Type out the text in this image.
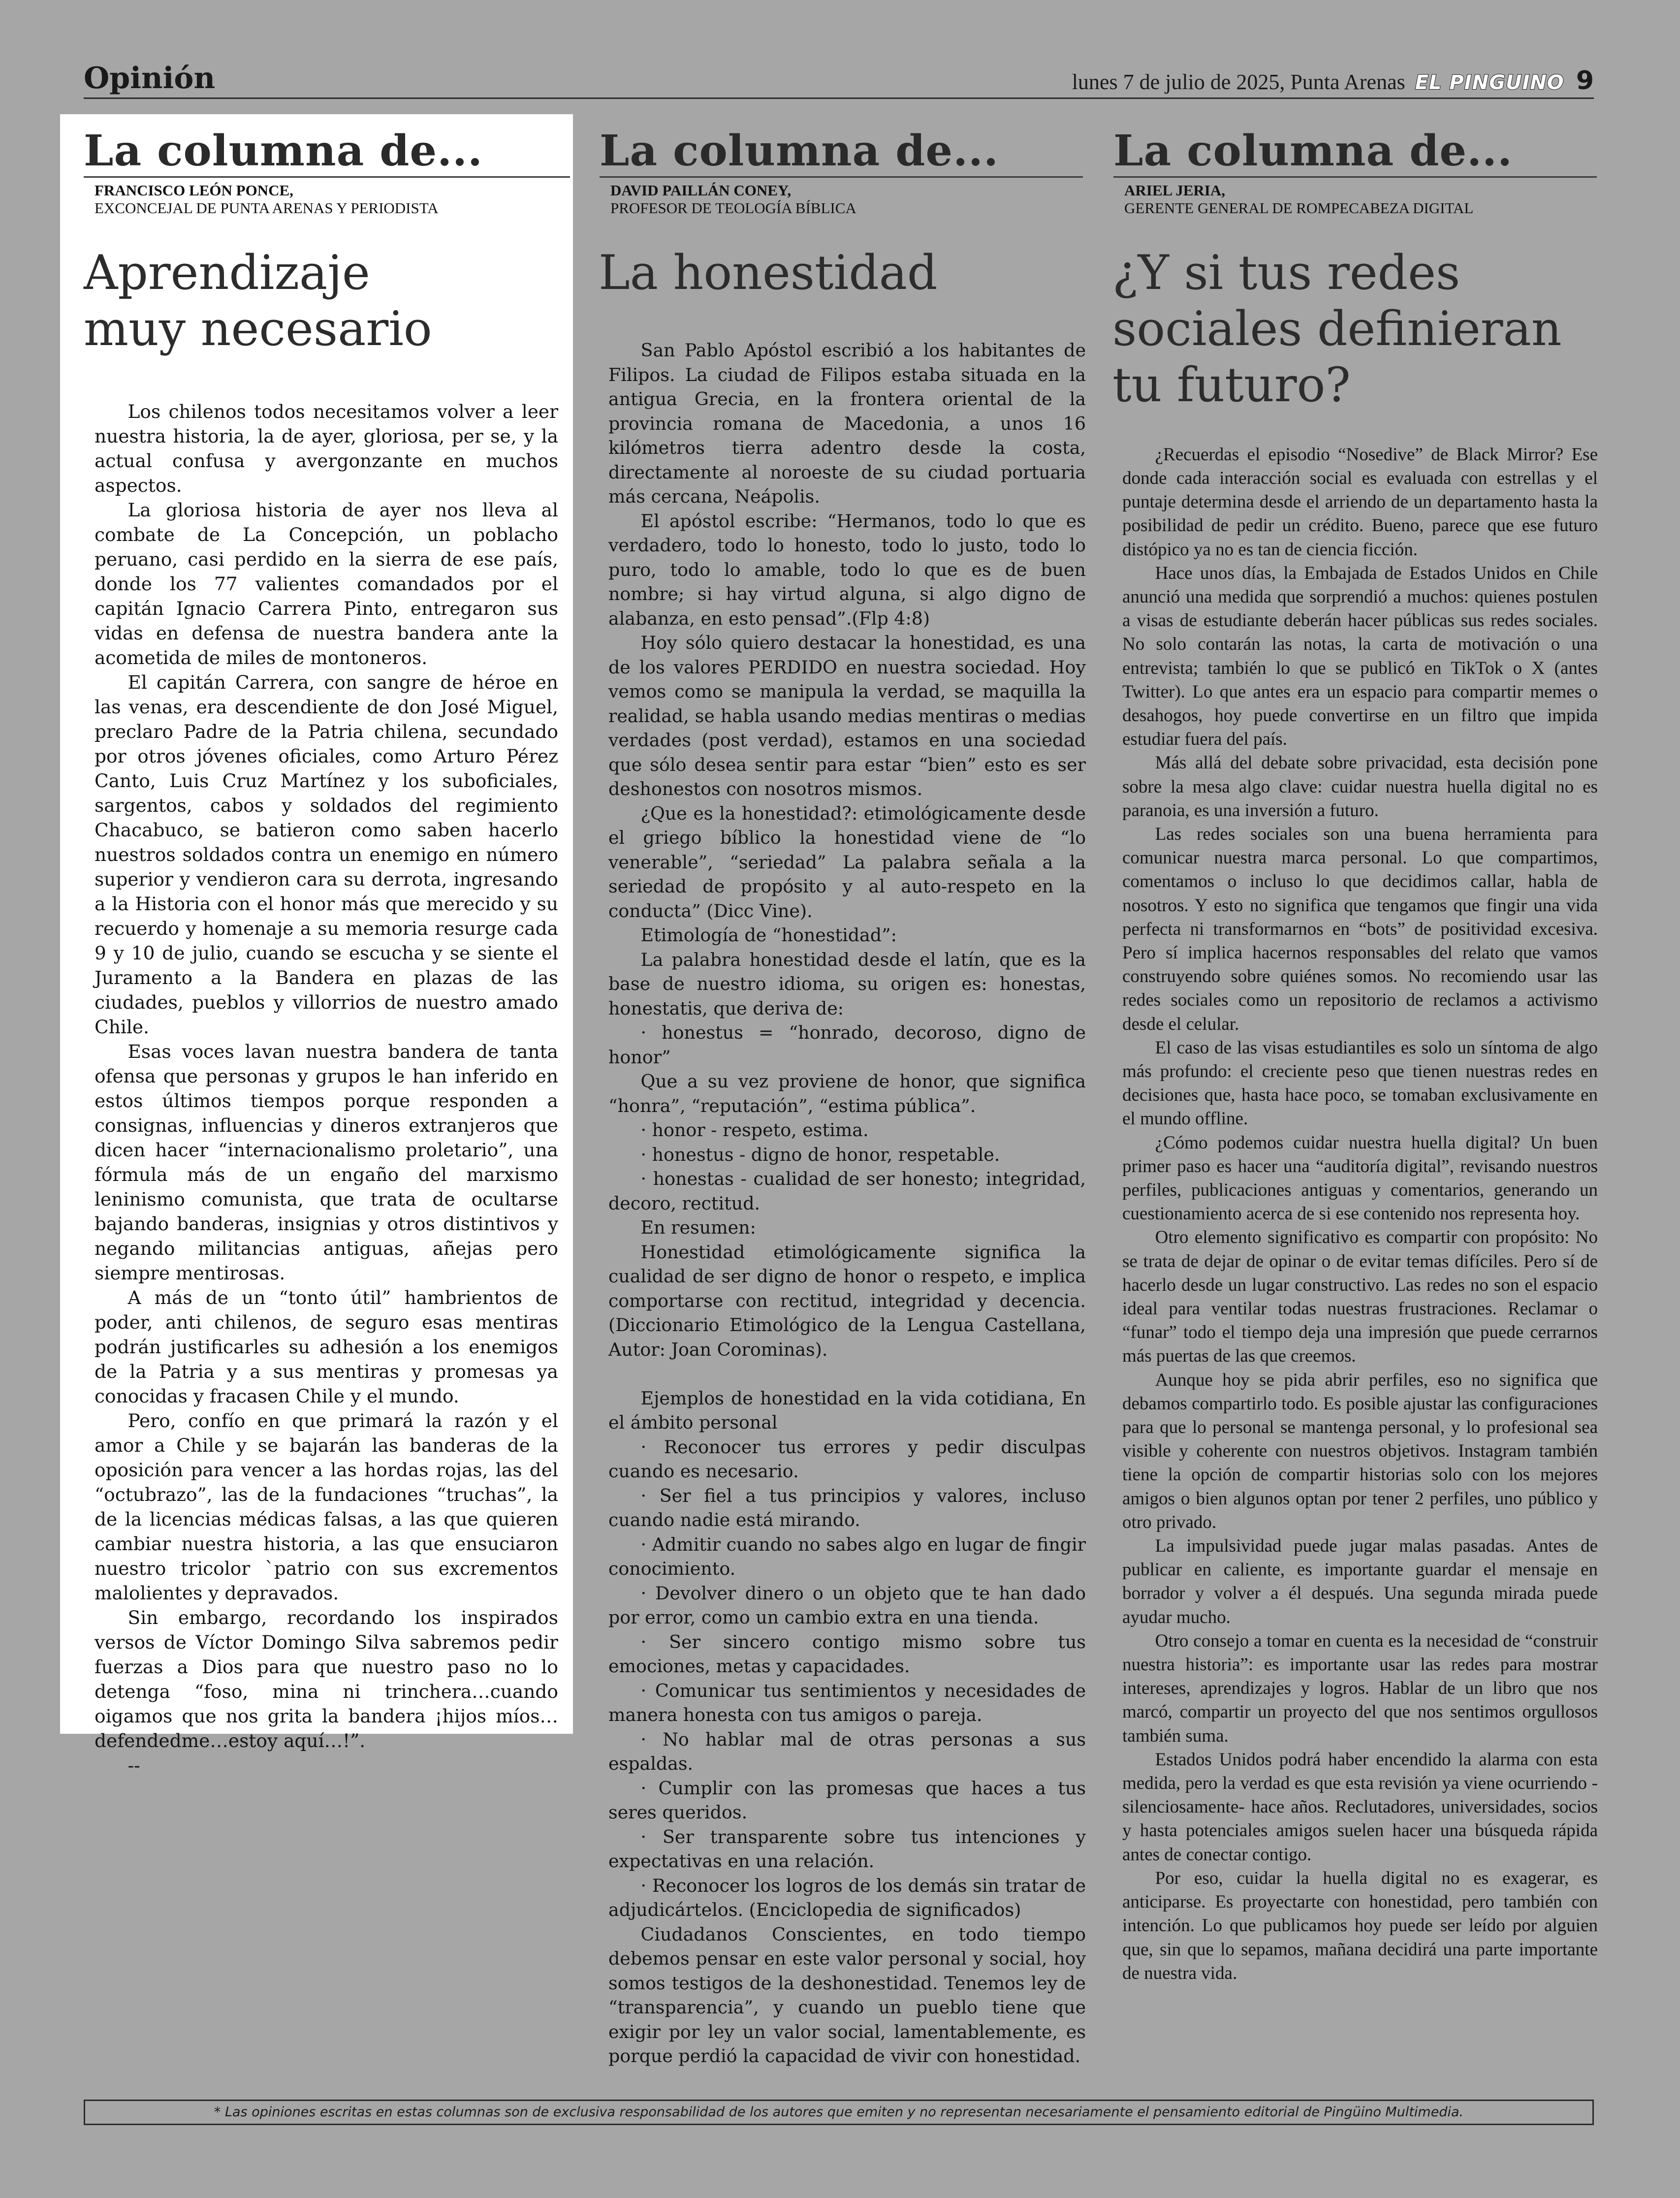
Opinión	lunes 7 de julio de 2025, Punta Arenas EL PINGUINO 9
La columna de...
FRANCISCO LEÓN PONCE,
EXCONCEJAL DE PUNTA ARENAS Y PERIODISTA
Aprendizaje
muy necesario

Los chilenos todos necesitamos volver a leer nuestra historia, la de ayer, gloriosa, per se, y la actual confusa y avergonzante en muchos aspectos.

La gloriosa historia de ayer nos lleva al combate de La Concepción, un poblacho peruano, casi perdido en la sierra de ese país, donde los 77 valientes comandados por el capitán Ignacio Carrera Pinto, entregaron sus vidas en defensa de nuestra bandera ante la acometida de miles de montoneros.

El capitán Carrera, con sangre de héroe en las venas, era descendiente de don José Miguel, preclaro Padre de la Patria chilena, secundado por otros jóvenes oficiales, como Arturo Pérez Canto, Luis Cruz Martínez y los suboficiales, sargentos, cabos y soldados del regimiento Chacabuco, se batieron como saben hacerlo nuestros soldados contra un enemigo en número superior y vendieron cara su derrota, ingresando a la Historia con el honor más que merecido y su recuerdo y homenaje a su memoria resurge cada 9 y 10 de julio, cuando se escucha y se siente el Juramento a la Bandera en plazas de las ciudades, pueblos y villorrios de nuestro amado Chile.

Esas voces lavan nuestra bandera de tanta ofensa que personas y grupos le han inferido en estos últimos tiempos porque responden a consignas, influencias y dineros extranjeros que dicen hacer “internacionalismo proletario”, una fórmula más de un engaño del marxismo leninismo comunista, que trata de ocultarse bajando banderas, insignias y otros distintivos y negando militancias antiguas, añejas pero siempre mentirosas.

A más de un “tonto útil” hambrientos de poder, anti chilenos, de seguro esas mentiras podrán justificarles su adhesión a los enemigos de la Patria y a sus mentiras y promesas ya conocidas y fracasen Chile y el mundo.

Pero, confío en que primará la razón y el amor a Chile y se bajarán las banderas de la oposición para vencer a las hordas rojas, las del “octubrazo”, las de la fundaciones “truchas”, la de la licencias médicas falsas, a las que quieren cambiar nuestra historia, a las que ensuciaron nuestro tricolor `patrio con sus excrementos malolientes y depravados.

Sin embargo, recordando los inspirados versos de Víctor Domingo Silva sabremos pedir fuerzas a Dios para que nuestro paso no lo detenga “foso, mina ni trinchera…cuando oigamos que nos grita la bandera ¡hijos míos…defendedme…estoy aquí…!”.

--

La columna de...
DAVID PAILLÁN CONEY,
PROFESOR DE TEOLOGÍA BÍBLICA
La honestidad

San Pablo Apóstol escribió a los habitantes de Filipos. La ciudad de Filipos estaba situada en la antigua Grecia, en la frontera oriental de la provincia romana de Macedonia, a unos 16 kilómetros tierra adentro desde la costa, directamente al noroeste de su ciudad portuaria más cercana, Neápolis.

El apóstol escribe: “Hermanos, todo lo que es verdadero, todo lo honesto, todo lo justo, todo lo puro, todo lo amable, todo lo que es de buen nombre; si hay virtud alguna, si algo digno de alabanza, en esto pensad”.(Flp 4:8)

Hoy sólo quiero destacar la honestidad, es una de los valores PERDIDO en nuestra sociedad. Hoy vemos como se manipula la verdad, se maquilla la realidad, se habla usando medias mentiras o medias verdades (post verdad), estamos en una sociedad que sólo desea sentir para estar “bien” esto es ser deshonestos con nosotros mismos.

¿Que es la honestidad?: etimológicamente desde el griego bíblico la honestidad viene de “lo venerable”, “seriedad” La palabra señala a la seriedad de propósito y al auto-respeto en la conducta” (Dicc Vine).

Etimología de “honestidad”:

La palabra honestidad desde el latín, que es la base de nuestro idioma, su origen es: honestas, honestatis, que deriva de:

· honestus = “honrado, decoroso, digno de honor”

Que a su vez proviene de honor, que significa “honra”, “reputación”, “estima pública”.

· honor - respeto, estima.

· honestus - digno de honor, respetable.

· honestas - cualidad de ser honesto; integridad, decoro, rectitud.

En resumen:

Honestidad etimológicamente significa la cualidad de ser digno de honor o respeto, e implica comportarse con rectitud, integridad y decencia. (Diccionario Etimológico de la Lengua Castellana, Autor: Joan Corominas).

Ejemplos de honestidad en la vida cotidiana, En el ámbito personal

· Reconocer tus errores y pedir disculpas cuando es necesario.

· Ser fiel a tus principios y valores, incluso cuando nadie está mirando.

· Admitir cuando no sabes algo en lugar de fingir conocimiento.

· Devolver dinero o un objeto que te han dado por error, como un cambio extra en una tienda.

· Ser sincero contigo mismo sobre tus emociones, metas y capacidades.

· Comunicar tus sentimientos y necesidades de manera honesta con tus amigos o pareja.

· No hablar mal de otras personas a sus espaldas.

· Cumplir con las promesas que haces a tus seres queridos.

· Ser transparente sobre tus intenciones y expectativas en una relación.

· Reconocer los logros de los demás sin tratar de adjudicártelos. (Enciclopedia de significados)

Ciudadanos Conscientes, en todo tiempo debemos pensar en este valor personal y social, hoy somos testigos de la deshonestidad. Tenemos ley de “transparencia”, y cuando un pueblo tiene que exigir por ley un valor social, lamentablemente, es porque perdió la capacidad de vivir con honestidad.

La columna de...
ARIEL JERIA,
GERENTE GENERAL DE ROMPECABEZA DIGITAL
¿Y si tus redes
sociales definieran
tu futuro?

¿Recuerdas el episodio “Nosedive” de Black Mirror? Ese donde cada interacción social es evaluada con estrellas y el puntaje determina desde el arriendo de un departamento hasta la posibilidad de pedir un crédito. Bueno, parece que ese futuro distópico ya no es tan de ciencia ficción.

Hace unos días, la Embajada de Estados Unidos en Chile anunció una medida que sorprendió a muchos: quienes postulen a visas de estudiante deberán hacer públicas sus redes sociales. No solo contarán las notas, la carta de motivación o una entrevista; también lo que se publicó en TikTok o X (antes Twitter). Lo que antes era un espacio para compartir memes o desahogos, hoy puede convertirse en un filtro que impida estudiar fuera del país.

Más allá del debate sobre privacidad, esta decisión pone sobre la mesa algo clave: cuidar nuestra huella digital no es paranoia, es una inversión a futuro.

Las redes sociales son una buena herramienta para comunicar nuestra marca personal. Lo que compartimos, comentamos o incluso lo que decidimos callar, habla de nosotros. Y esto no significa que tengamos que fingir una vida perfecta ni transformarnos en “bots” de positividad excesiva. Pero sí implica hacernos responsables del relato que vamos construyendo sobre quiénes somos. No recomiendo usar las redes sociales como un repositorio de reclamos a activismo desde el celular.

El caso de las visas estudiantiles es solo un síntoma de algo más profundo: el creciente peso que tienen nuestras redes en decisiones que, hasta hace poco, se tomaban exclusivamente en el mundo offline.

¿Cómo podemos cuidar nuestra huella digital? Un buen primer paso es hacer una “auditoría digital”, revisando nuestros perfiles, publicaciones antiguas y comentarios, generando un cuestionamiento acerca de si ese contenido nos representa hoy.

Otro elemento significativo es compartir con propósito: No se trata de dejar de opinar o de evitar temas difíciles. Pero sí de hacerlo desde un lugar constructivo. Las redes no son el espacio ideal para ventilar todas nuestras frustraciones. Reclamar o “funar” todo el tiempo deja una impresión que puede cerrarnos más puertas de las que creemos.

Aunque hoy se pida abrir perfiles, eso no significa que debamos compartirlo todo. Es posible ajustar las configuraciones para que lo personal se mantenga personal, y lo profesional sea visible y coherente con nuestros objetivos. Instagram también tiene la opción de compartir historias solo con los mejores amigos o bien algunos optan por tener 2 perfiles, uno público y otro privado.

La impulsividad puede jugar malas pasadas. Antes de publicar en caliente, es importante guardar el mensaje en borrador y volver a él después. Una segunda mirada puede ayudar mucho.

Otro consejo a tomar en cuenta es la necesidad de “construir nuestra historia”: es importante usar las redes para mostrar intereses, aprendizajes y logros. Hablar de un libro que nos marcó, compartir un proyecto del que nos sentimos orgullosos también suma.

Estados Unidos podrá haber encendido la alarma con esta medida, pero la verdad es que esta revisión ya viene ocurriendo -silenciosamente- hace años. Reclutadores, universidades, socios y hasta potenciales amigos suelen hacer una búsqueda rápida antes de conectar contigo.

Por eso, cuidar la huella digital no es exagerar, es anticiparse. Es proyectarte con honestidad, pero también con intención. Lo que publicamos hoy puede ser leído por alguien que, sin que lo sepamos, mañana decidirá una parte importante de nuestra vida.

* Las opiniones escritas en estas columnas son de exclusiva responsabilidad de los autores que emiten y no representan necesariamente el pensamiento editorial de Pingüino Multimedia.
